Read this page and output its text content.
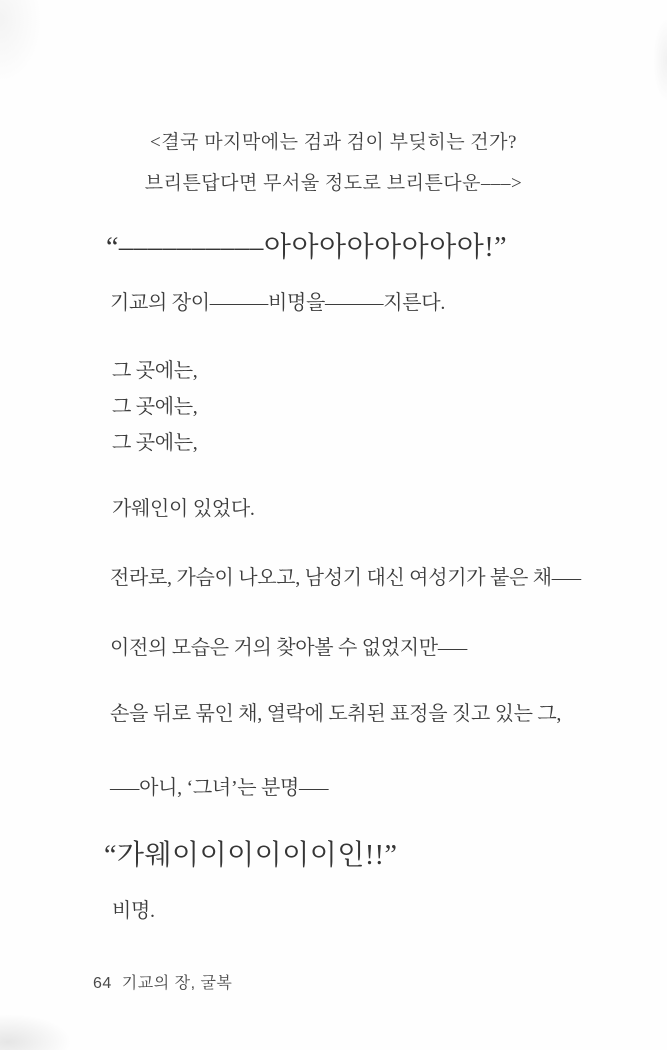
<결국 마지막에는 검과 검이 부딪히는 건가?
브리튼답다면 무서울 정도로 브리튼다운–––>
“––––––––––아아아아아아아아!”
기교의 장이––––––비명을––––––지른다.
그 곳에는,
그 곳에는,
그 곳에는,
가웨인이 있었다.
전라로, 가슴이 나오고, 남성기 대신 여성기가 붙은 채–––
이전의 모습은 거의 찾아볼 수 없었지만–––
손을 뒤로 묶인 채, 열락에 도취된 표정을 짓고 있는 그,
–––아니, ‘그녀’는 분명–––
“가웨이이이이이이인!!”
비명.
64 기교의 장, 굴복
